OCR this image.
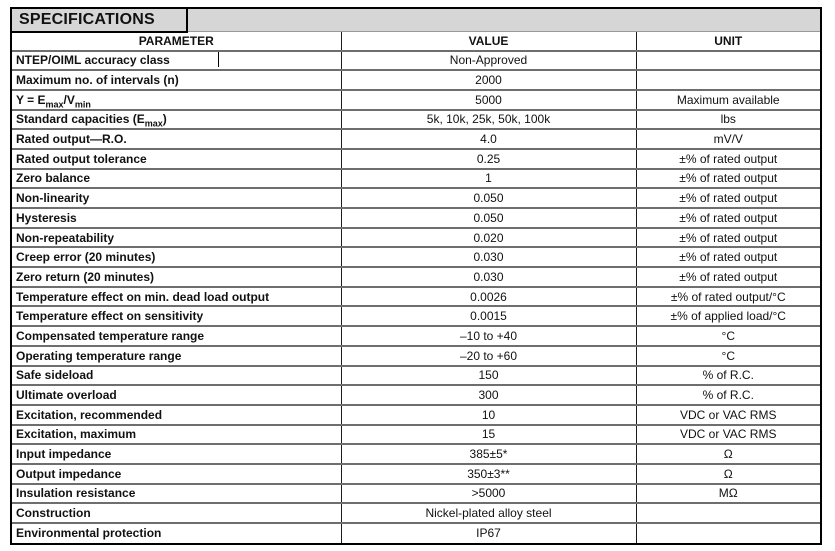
SPECIFICATIONS
PARAMETER	VALUE	UNIT
NTEP/OIML accuracy class	Non-Approved	
Maximum no. of intervals (n)	2000	
$Y = E_{max}/V_{min}$	5000	Maximum available
Standard capacities $(E_{max})$	5k, 10k, 25k, 50k, 100k	lbs
Rated output—R.O.	4.0	mV/V
Rated output tolerance	0.25	±% of rated output
Zero balance	1	±% of rated output
Non-linearity	0.050	±% of rated output
Hysteresis	0.050	±% of rated output
Non-repeatability	0.020	±% of rated output
Creep error (20 minutes)	0.030	±% of rated output
Zero return (20 minutes)	0.030	±% of rated output
Temperature effect on min. dead load output	0.0026	±% of rated output/°C
Temperature effect on sensitivity	0.0015	±% of applied load/°C
Compensated temperature range	–10 to +40	°C
Operating temperature range	–20 to +60	°C
Safe sideload	150	% of R.C.
Ultimate overload	300	% of R.C.
Excitation, recommended	10	VDC or VAC RMS
Excitation, maximum	15	VDC or VAC RMS
Input impedance	385±5*	Ω
Output impedance	350±3**	Ω
Insulation resistance	>5000	MΩ
Construction	Nickel-plated alloy steel	
Environmental protection	IP67	
